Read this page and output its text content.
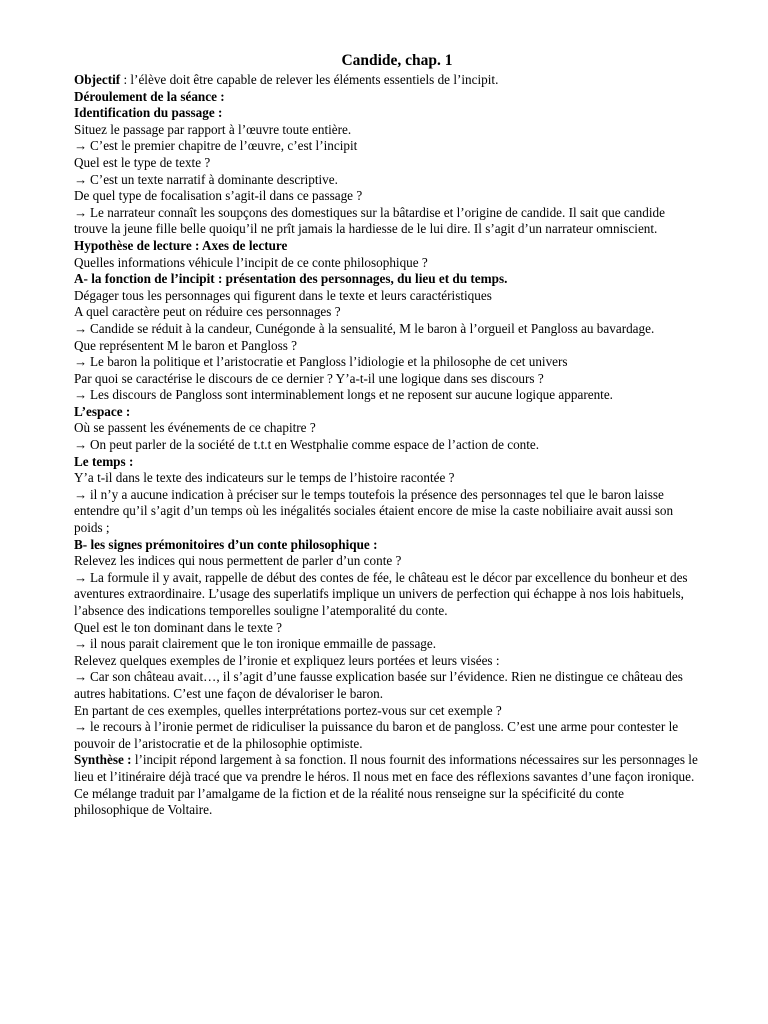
Candide, chap. 1

Objectif : l’élève doit être capable de relever les éléments essentiels de l’incipit.

Déroulement de la séance :

Identification du passage :

Situez le passage par rapport à l’œuvre toute entière.

→ C’est le premier chapitre de l’œuvre, c’est l’incipit

Quel est le type de texte ?

→ C’est un texte narratif à dominante descriptive.

De quel type de focalisation s’agit-il dans ce passage ?

→ Le narrateur connaît les soupçons des domestiques sur la bâtardise et l’origine de candide. Il sait que candide trouve la jeune fille belle quoiqu’il ne prît jamais la hardiesse de le lui dire. Il s’agit d’un narrateur omniscient.

Hypothèse de lecture : Axes de lecture

Quelles informations véhicule l’incipit de ce conte philosophique ?

A- la fonction de l’incipit : présentation des personnages, du lieu et du temps.

Dégager tous les personnages qui figurent dans le texte et leurs caractéristiques

A quel caractère peut on réduire ces personnages ?

→ Candide se réduit à la candeur, Cunégonde à la sensualité, M le baron à l’orgueil et Pangloss au bavardage.

Que représentent M le baron et Pangloss ?

→ Le baron la politique et l’aristocratie et Pangloss l’idiologie et la philosophe de cet univers

Par quoi se caractérise le discours de ce dernier ? Y’a-t-il une logique dans ses discours ?

→ Les discours de Pangloss sont interminablement longs et ne reposent sur aucune logique apparente.

L’espace :

Où se passent les événements de ce chapitre ?

→ On peut parler de la société de t.t.t en Westphalie comme espace de l’action de conte.

Le temps :

Y’a t-il dans le texte des indicateurs sur le temps de l’histoire racontée ?

→ il n’y a aucune indication à préciser sur le temps toutefois la présence des personnages tel que le baron laisse entendre qu’il s’agit d’un temps où les inégalités sociales étaient encore de mise la caste nobiliaire avait aussi son poids ;

B- les signes prémonitoires d’un conte philosophique :

Relevez les indices qui nous permettent de parler d’un conte ?

→ La formule il y avait, rappelle de début des contes de fée, le château est le décor par excellence du bonheur et des aventures extraordinaire. L’usage des superlatifs implique un univers de perfection qui échappe à nos lois habituels, l’absence des indications temporelles souligne l’atemporalité du conte.

Quel est le ton dominant dans le texte ?

→ il nous parait clairement que le ton ironique emmaille de passage.

Relevez quelques exemples de l’ironie et expliquez leurs portées et leurs visées :

→ Car son château avait…, il s’agit d’une fausse explication basée sur l’évidence. Rien ne distingue ce château des autres habitations. C’est une façon de dévaloriser le baron.

En partant de ces exemples, quelles interprétations portez-vous sur cet exemple ?

→ le recours à l’ironie permet de ridiculiser la puissance du baron et de pangloss. C’est une arme pour contester le pouvoir de l’aristocratie et de la philosophie optimiste.

Synthèse : l’incipit répond largement à sa fonction. Il nous fournit des informations nécessaires sur les personnages le lieu et l’itinéraire déjà tracé que va prendre le héros. Il nous met en face des réflexions savantes d’une façon ironique. Ce mélange traduit par l’amalgame de la fiction et de la réalité nous renseigne sur la spécificité du conte philosophique de Voltaire.
